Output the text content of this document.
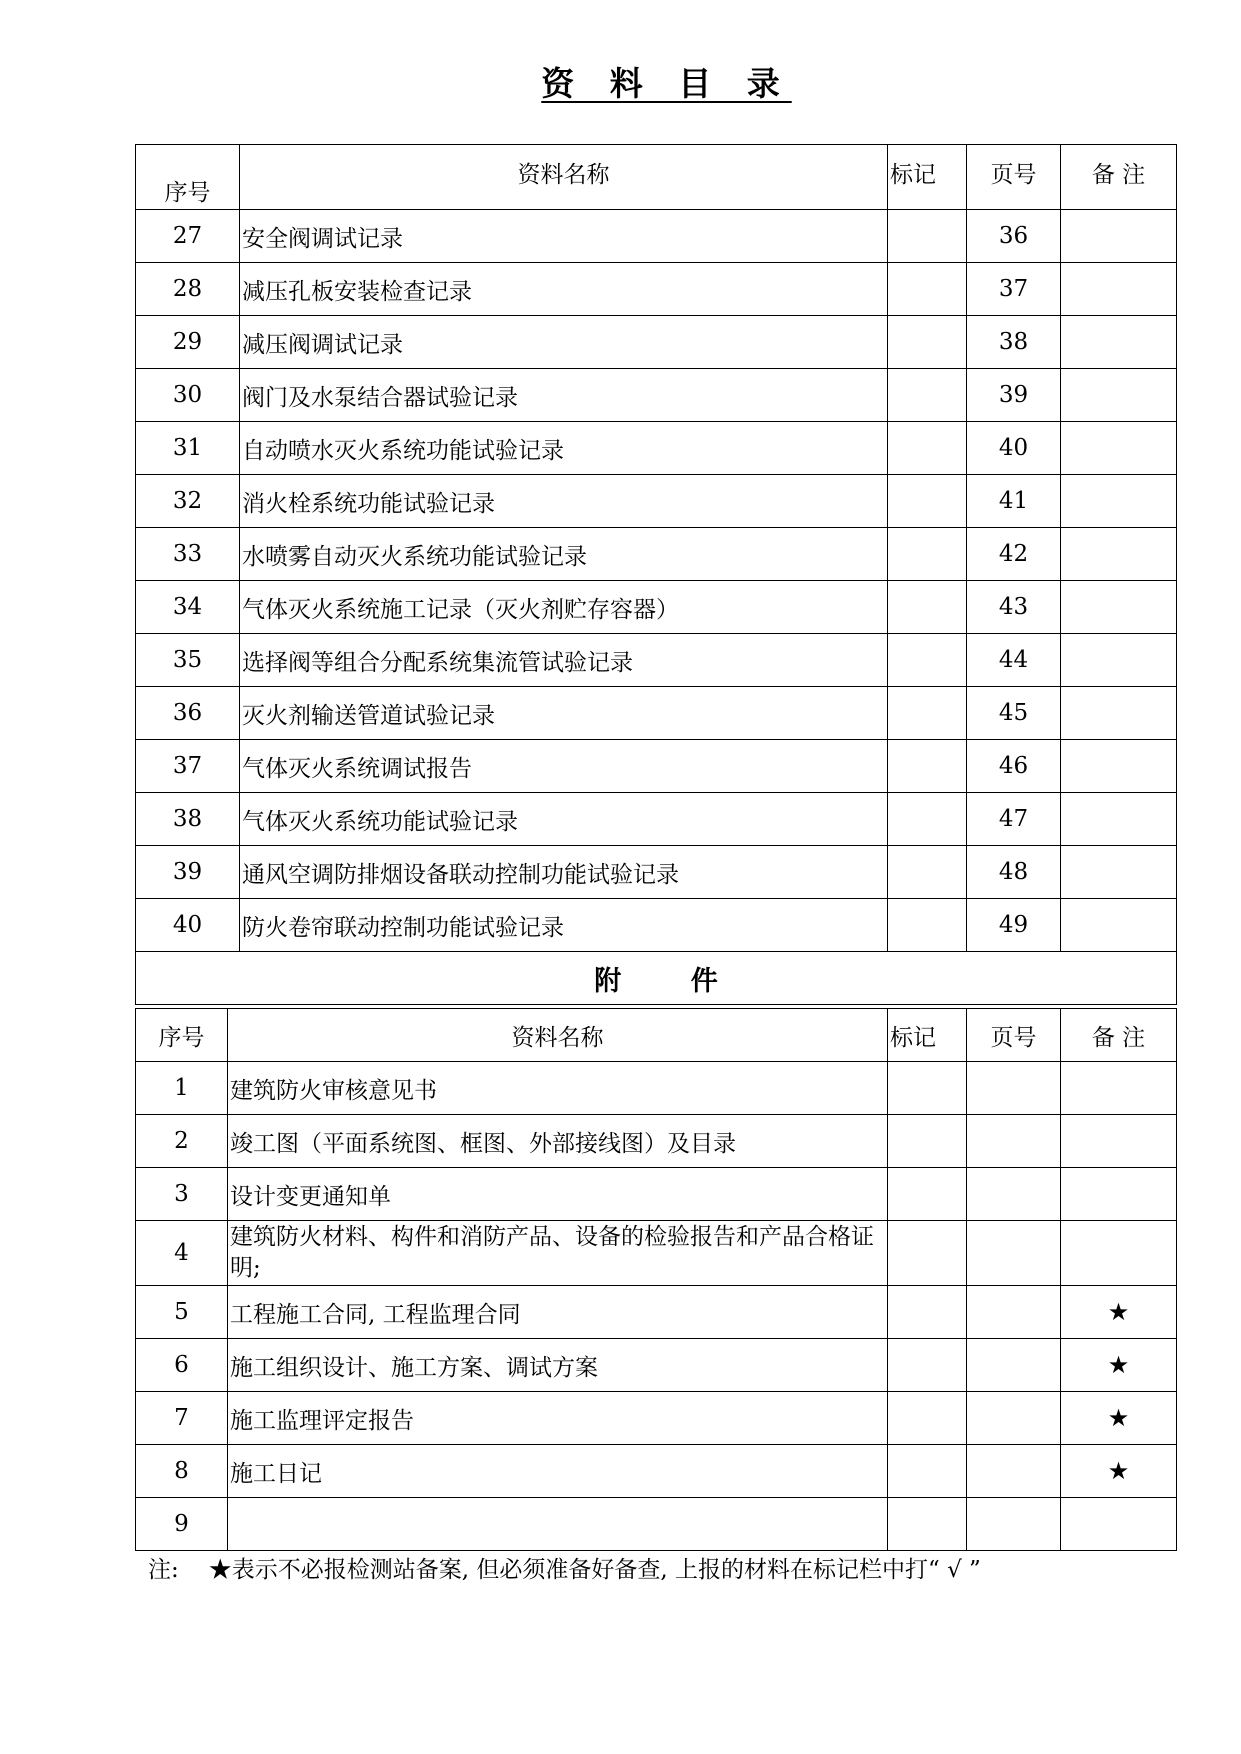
资 料 目 录
序号	资料名称	标记	页号	备 注
27	安全阀调试记录		36	
28	减压孔板安装检查记录		37	
29	减压阀调试记录		38	
30	阀门及水泵结合器试验记录		39	
31	自动喷水灭火系统功能试验记录		40	
32	消火栓系统功能试验记录		41	
33	水喷雾自动灭火系统功能试验记录		42	
34	气体灭火系统施工记录（灭火剂贮存容器）		43	
35	选择阀等组合分配系统集流管试验记录		44	
36	灭火剂输送管道试验记录		45	
37	气体灭火系统调试报告		46	
38	气体灭火系统功能试验记录		47	
39	通风空调防排烟设备联动控制功能试验记录		48	
40	防火卷帘联动控制功能试验记录		49	
附 件				
序号	资料名称	标记	页号	备 注
1	建筑防火审核意见书			
2	竣工图（平面系统图、框图、外部接线图）及目录			
3	设计变更通知单			
4	建筑防火材料、构件和消防产品、设备的检验报告和产品合格证明;			
5	工程施工合同, 工程监理合同			★
6	施工组织设计、施工方案、调试方案			★
7	施工监理评定报告			★
8	施工日记			★
9				
注: ★表示不必报检测站备案, 但必须准备好备查, 上报的材料在标记栏中打“ √ ”
